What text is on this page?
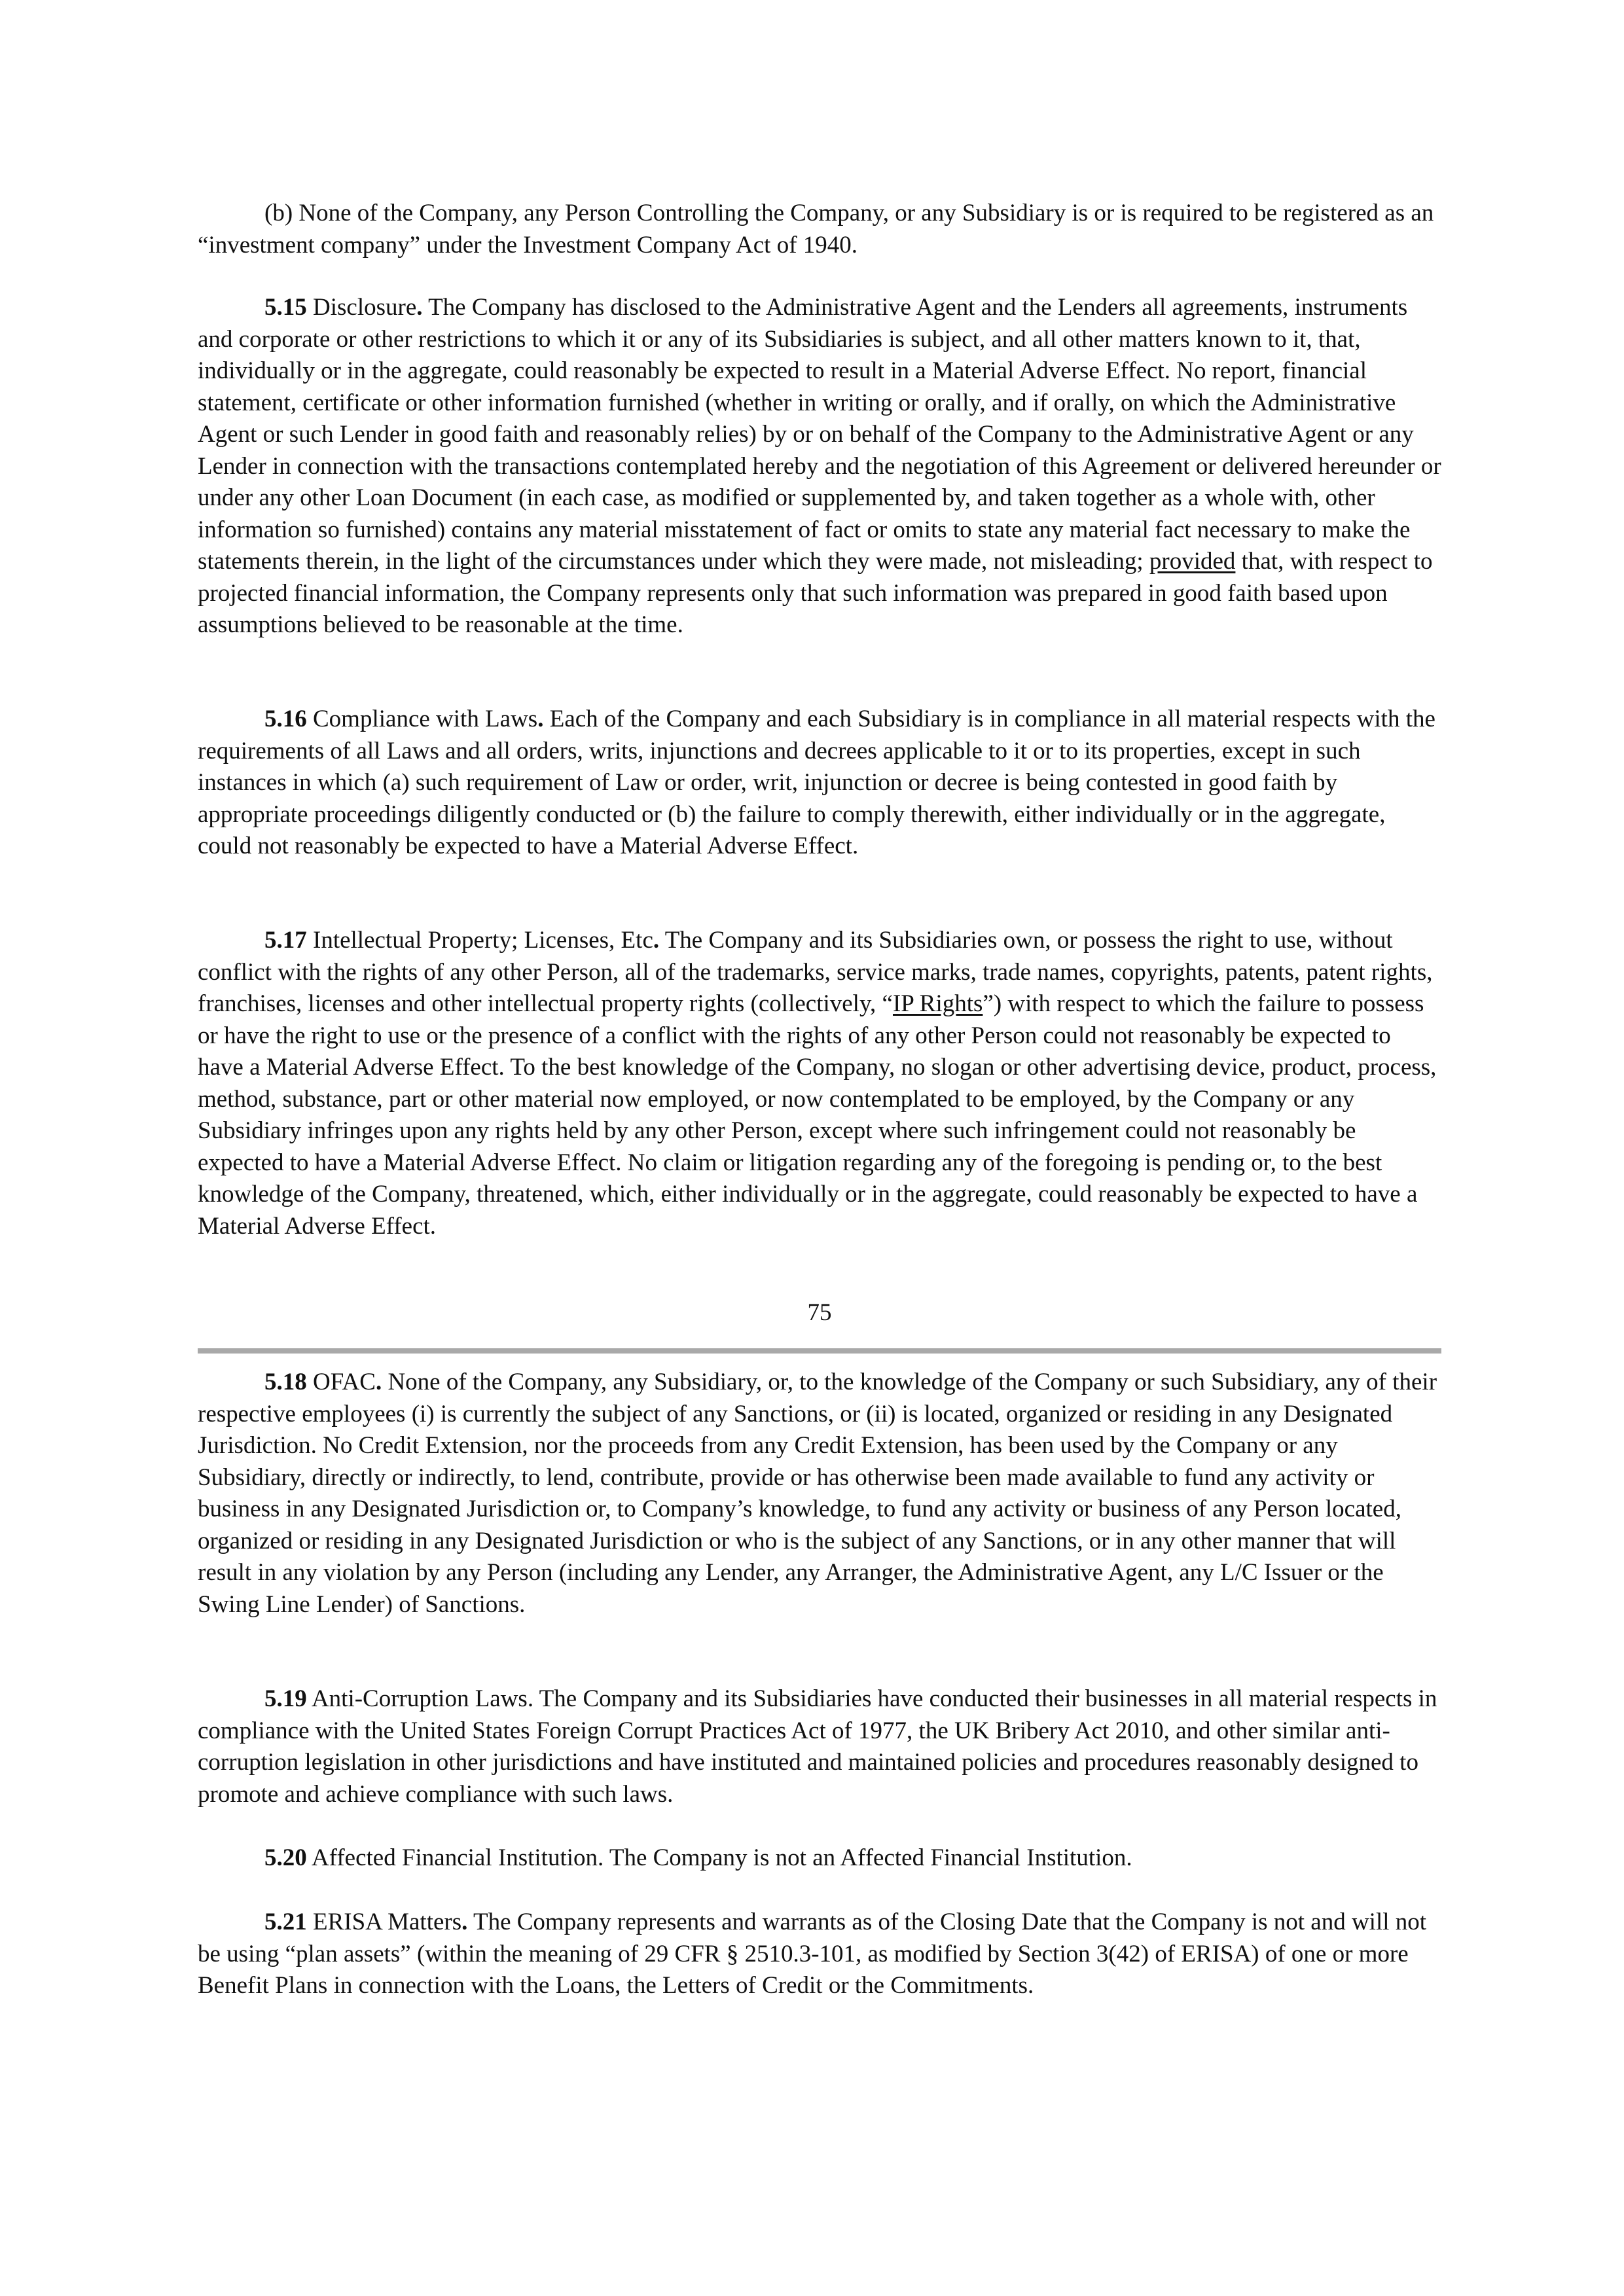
(b) None of the Company, any Person Controlling the Company, or any Subsidiary is or is required to be registered as an “investment company” under the Investment Company Act of 1940.

5.15 Disclosure. The Company has disclosed to the Administrative Agent and the Lenders all agreements, instruments and corporate or other restrictions to which it or any of its Subsidiaries is subject, and all other matters known to it, that, individually or in the aggregate, could reasonably be expected to result in a Material Adverse Effect. No report, financial statement, certificate or other information furnished (whether in writing or orally, and if orally, on which the Administrative Agent or such Lender in good faith and reasonably relies) by or on behalf of the Company to the Administrative Agent or any Lender in connection with the transactions contemplated hereby and the negotiation of this Agreement or delivered hereunder or under any other Loan Document (in each case, as modified or supplemented by, and taken together as a whole with, other information so furnished) contains any material misstatement of fact or omits to state any material fact necessary to make the statements therein, in the light of the circumstances under which they were made, not misleading; provided that, with respect to projected financial information, the Company represents only that such information was prepared in good faith based upon assumptions believed to be reasonable at the time.

5.16 Compliance with Laws. Each of the Company and each Subsidiary is in compliance in all material respects with the requirements of all Laws and all orders, writs, injunctions and decrees applicable to it or to its properties, except in such instances in which (a) such requirement of Law or order, writ, injunction or decree is being contested in good faith by appropriate proceedings diligently conducted or (b) the failure to comply therewith, either individually or in the aggregate, could not reasonably be expected to have a Material Adverse Effect.

5.17 Intellectual Property; Licenses, Etc. The Company and its Subsidiaries own, or possess the right to use, without conflict with the rights of any other Person, all of the trademarks, service marks, trade names, copyrights, patents, patent rights, franchises, licenses and other intellectual property rights (collectively, “IP Rights”) with respect to which the failure to possess or have the right to use or the presence of a conflict with the rights of any other Person could not reasonably be expected to have a Material Adverse Effect. To the best knowledge of the Company, no slogan or other advertising device, product, process, method, substance, part or other material now employed, or now contemplated to be employed, by the Company or any Subsidiary infringes upon any rights held by any other Person, except where such infringement could not reasonably be expected to have a Material Adverse Effect. No claim or litigation regarding any of the foregoing is pending or, to the best knowledge of the Company, threatened, which, either individually or in the aggregate, could reasonably be expected to have a Material Adverse Effect.

75

5.18 OFAC. None of the Company, any Subsidiary, or, to the knowledge of the Company or such Subsidiary, any of their respective employees (i) is currently the subject of any Sanctions, or (ii) is located, organized or residing in any Designated Jurisdiction. No Credit Extension, nor the proceeds from any Credit Extension, has been used by the Company or any Subsidiary, directly or indirectly, to lend, contribute, provide or has otherwise been made available to fund any activity or business in any Designated Jurisdiction or, to Company’s knowledge, to fund any activity or business of any Person located, organized or residing in any Designated Jurisdiction or who is the subject of any Sanctions, or in any other manner that will result in any violation by any Person (including any Lender, any Arranger, the Administrative Agent, any L/C Issuer or the Swing Line Lender) of Sanctions.

5.19 Anti-Corruption Laws. The Company and its Subsidiaries have conducted their businesses in all material respects in compliance with the United States Foreign Corrupt Practices Act of 1977, the UK Bribery Act 2010, and other similar anti-corruption legislation in other jurisdictions and have instituted and maintained policies and procedures reasonably designed to promote and achieve compliance with such laws.

5.20 Affected Financial Institution. The Company is not an Affected Financial Institution.

5.21 ERISA Matters. The Company represents and warrants as of the Closing Date that the Company is not and will not be using “plan assets” (within the meaning of 29 CFR § 2510.3-101, as modified by Section 3(42) of ERISA) of one or more Benefit Plans in connection with the Loans, the Letters of Credit or the Commitments.
